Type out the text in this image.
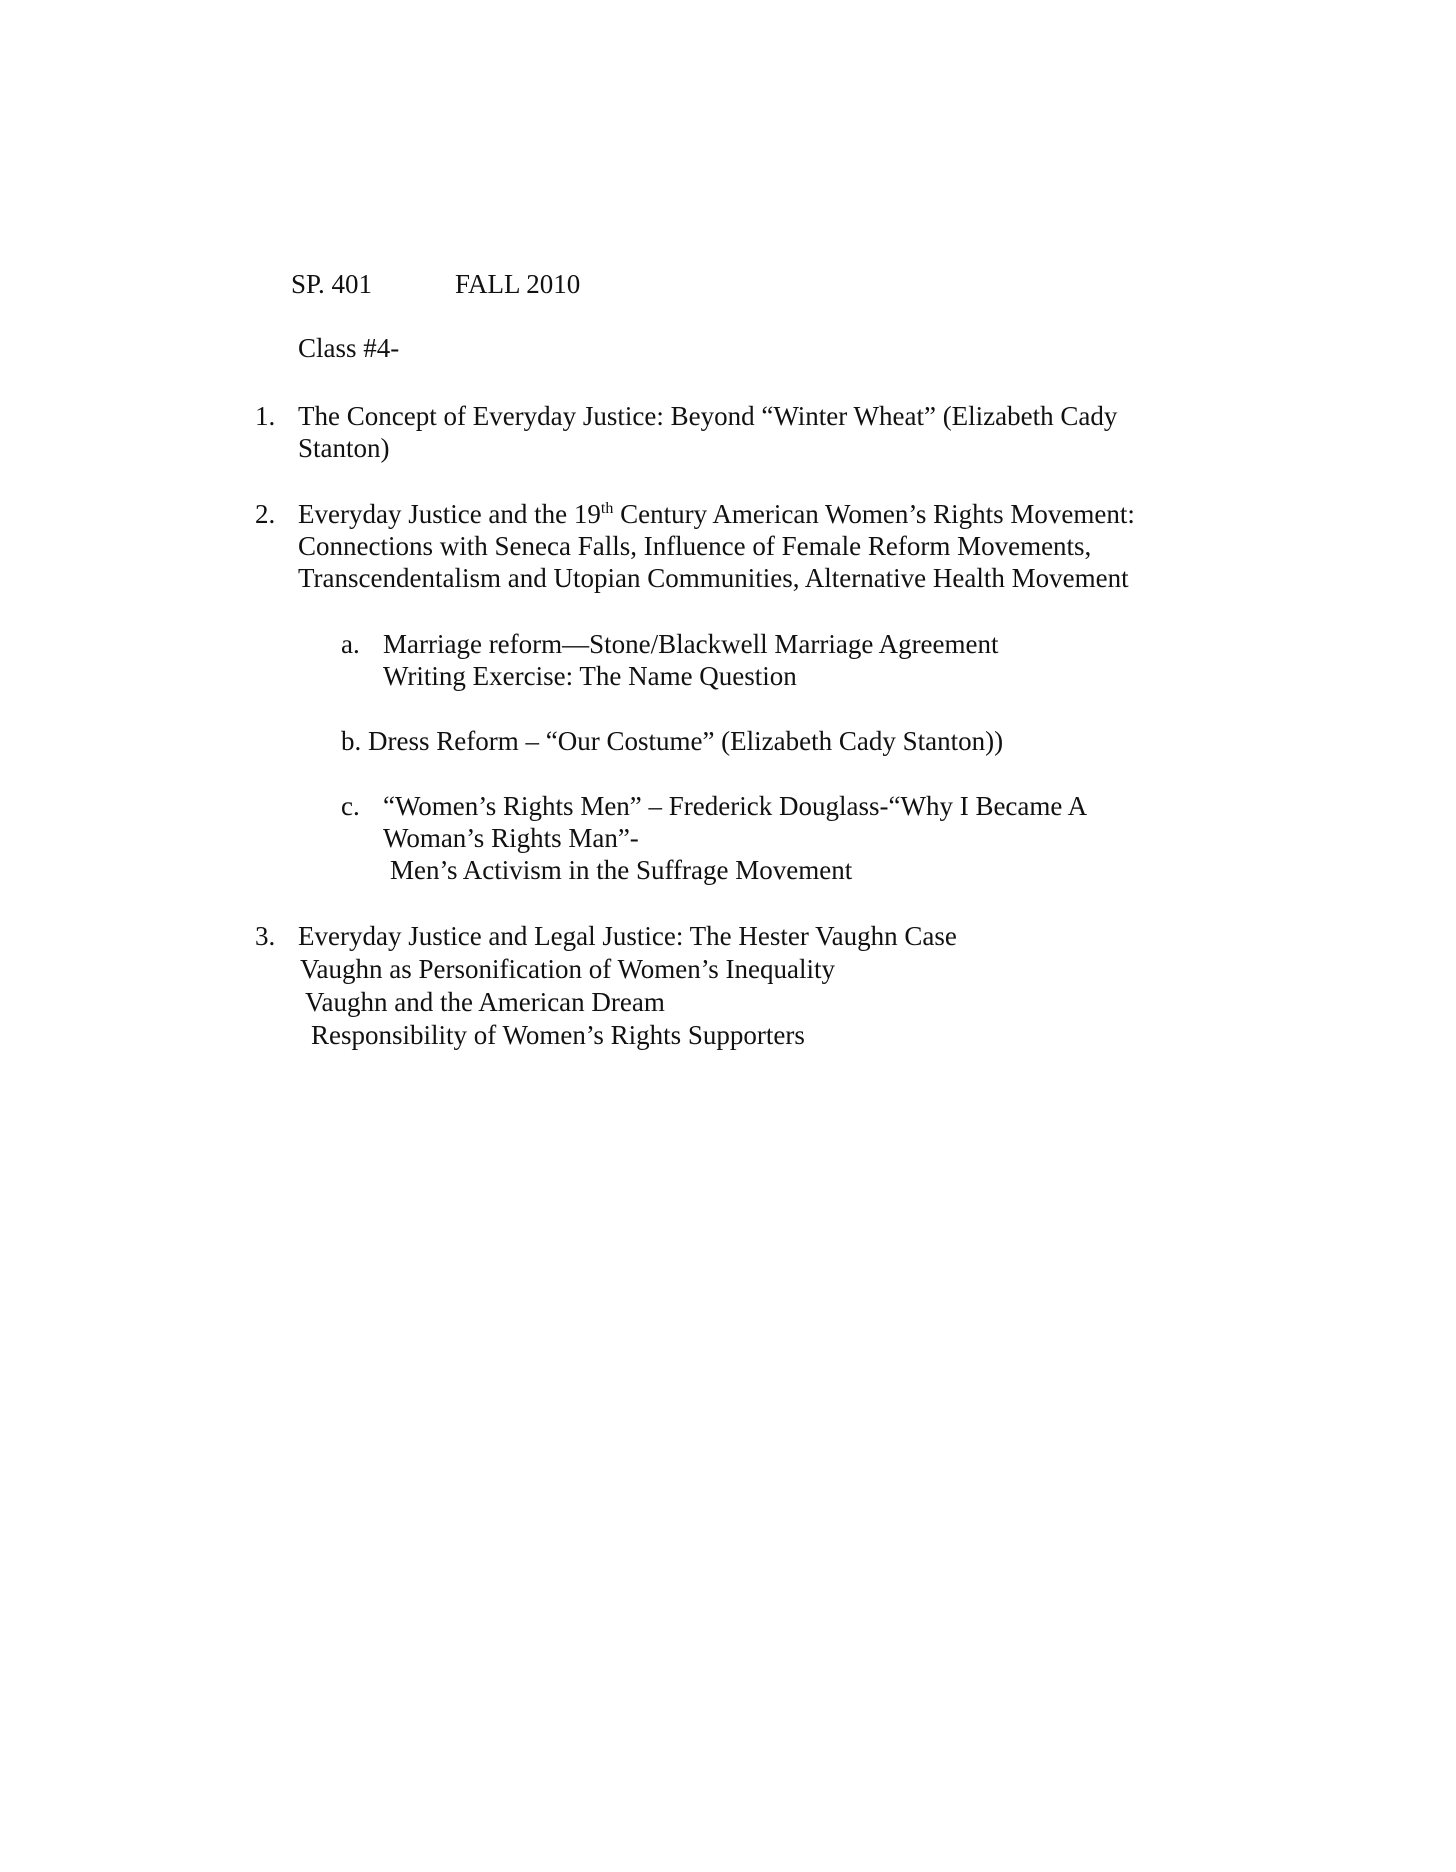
SP. 401	FALL 2010
Class #4-
1. The Concept of Everyday Justice: Beyond “Winter Wheat” (Elizabeth Cady
Stanton)
2. Everyday Justice and the 19th Century American Women’s Rights Movement:
Connections with Seneca Falls, Influence of Female Reform Movements,
Transcendentalism and Utopian Communities, Alternative Health Movement
a. Marriage reform—Stone/Blackwell Marriage Agreement
Writing Exercise: The Name Question
b. Dress Reform – “Our Costume” (Elizabeth Cady Stanton))
c. “Women’s Rights Men” – Frederick Douglass-“Why I Became A
Woman’s Rights Man”-
Men’s Activism in the Suffrage Movement
3. Everyday Justice and Legal Justice: The Hester Vaughn Case
Vaughn as Personification of Women’s Inequality
Vaughn and the American Dream
Responsibility of Women’s Rights Supporters
